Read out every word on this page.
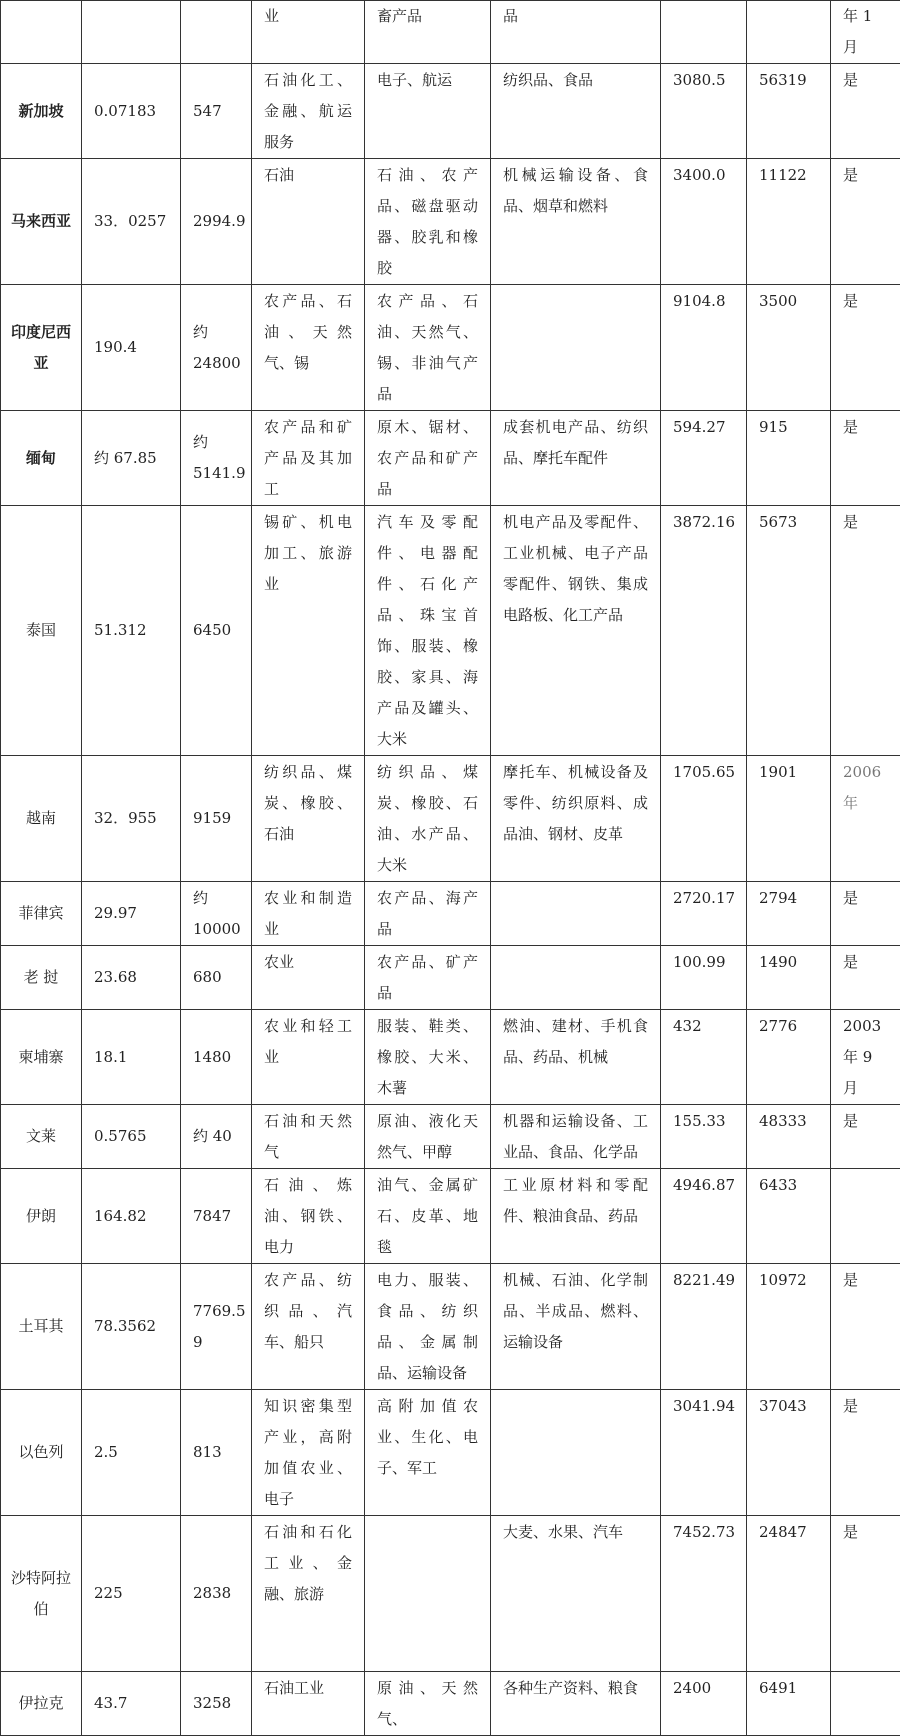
			业	畜产品	品			年 1 月

新加坡	0.07183	547	石油化工、金融、航运服务	电子、航运	纺织品、食品	3080.5	56319	是

马来西亚	33．0257	2994.9	石油	石油、农产品、磁盘驱动器、胶乳和橡胶	机械运输设备、食品、烟草和燃料	3400.0	11122	是

印度尼西亚	190.4	约 24800	农产品、石油、天然气、锡	农产品、石油、天然气、锡、非油气产品		9104.8	3500	是

缅甸	约 67.85	约 5141.9	农产品和矿产品及其加工	原木、锯材、农产品和矿产品	成套机电产品、纺织品、摩托车配件	594.27	915	是

泰国	51.312	6450	锡矿、机电加工、旅游业	汽车及零配件、电器配件、石化产品、珠宝首饰、服装、橡胶、家具、海产品及罐头、大米	机电产品及零配件、工业机械、电子产品零配件、钢铁、集成电路板、化工产品	3872.16	5673	是

越南	32．955	9159	纺织品、煤炭、橡胶、石油	纺织品、煤炭、橡胶、石油、水产品、大米	摩托车、机械设备及零件、纺织原料、成品油、钢材、皮革	1705.65	1901	2006 年

菲律宾	29.97	约 10000	农业和制造业	农产品、海产品		2720.17	2794	是

老 挝	23.68	680	农业	农产品、矿产品		100.99	1490	是

柬埔寨	18.1	1480	农业和轻工业	服装、鞋类、橡胶、大米、木薯	燃油、建材、手机食品、药品、机械	432	2776	2003 年 9 月

文莱	0.5765	约 40	石油和天然气	原油、液化天然气、甲醇	机器和运输设备、工业品、食品、化学品	155.33	48333	是

伊朗	164.82	7847	石油、炼油、钢铁、电力	油气、金属矿石、皮革、地毯	工业原材料和零配件、粮油食品、药品	4946.87	6433	

土耳其	78.3562	7769.5 9	农产品、纺织品、汽车、船只	电力、服装、食品、纺织品、金属制品、运输设备	机械、石油、化学制品、半成品、燃料、运输设备	8221.49	10972	是

以色列	2.5	813	知识密集型产业，高附加值农业、电子	高附加值农业、生化、电子、军工		3041.94	37043	是

沙特阿拉伯	225	2838	石油和石化工业、金融、旅游		大麦、水果、汽车	7452.73	24847	是

伊拉克	43.7	3258	石油工业	原油、天然气、	各种生产资料、粮食	2400	6491	
